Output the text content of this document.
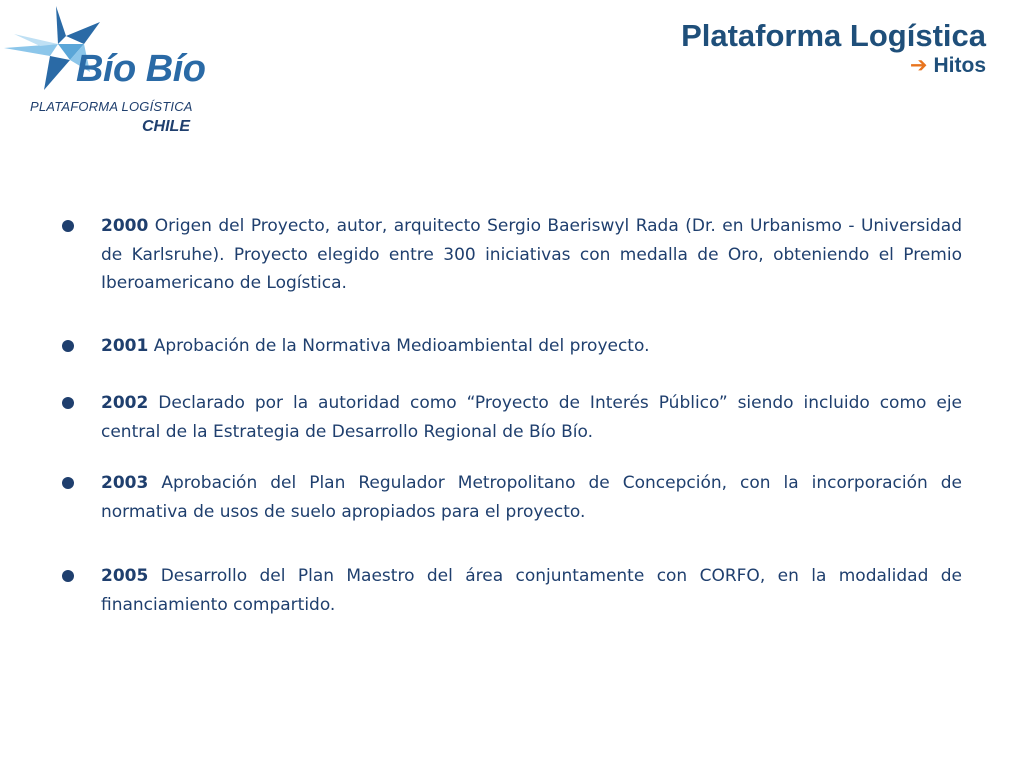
Bío Bío
PLATAFORMA LOGÍSTICA
CHILE
Plataforma Logística
➔ Hitos
2000 Origen del Proyecto, autor, arquitecto Sergio Baeriswyl Rada (Dr. en Urbanismo - Universidad de Karlsruhe). Proyecto elegido entre 300 iniciativas con medalla de Oro, obteniendo el Premio Iberoamericano de Logística.
2001 Aprobación de la Normativa Medioambiental del proyecto.
2002 Declarado por la autoridad como “Proyecto de Interés Público” siendo incluido como eje central de la Estrategia de Desarrollo Regional de Bío Bío.
2003 Aprobación del Plan Regulador Metropolitano de Concepción, con la incorporación de normativa de usos de suelo apropiados para el proyecto.
2005 Desarrollo del Plan Maestro del área conjuntamente con CORFO, en la modalidad de financiamiento compartido.
